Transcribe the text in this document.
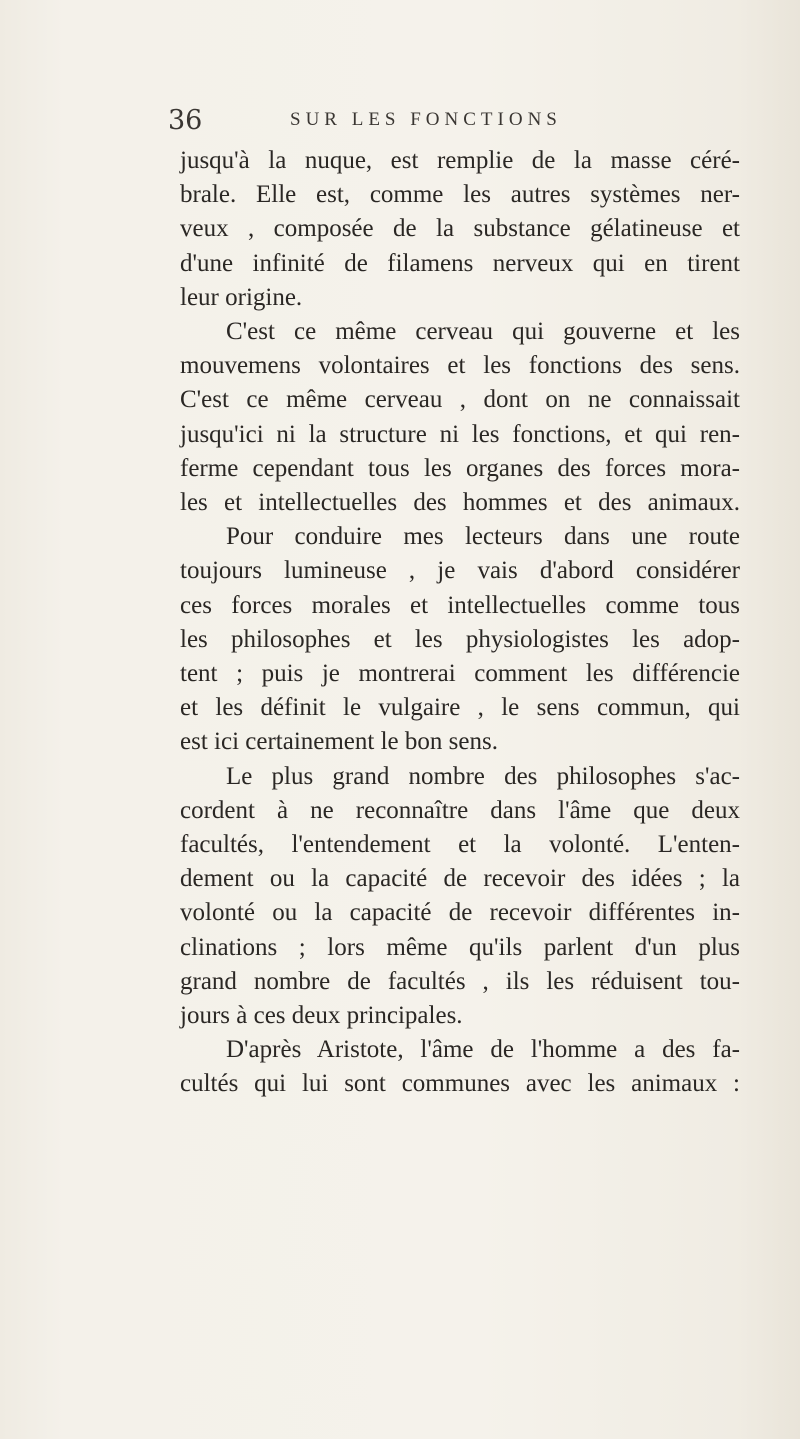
36	SUR LES FONCTIONS
jusqu'à la nuque, est remplie de la masse céré-
brale. Elle est, comme les autres systèmes ner-
veux , composée de la substance gélatineuse et
d'une infinité de filamens nerveux qui en tirent
leur origine.
C'est ce même cerveau qui gouverne et les
mouvemens volontaires et les fonctions des sens.
C'est ce même cerveau , dont on ne connaissait
jusqu'ici ni la structure ni les fonctions, et qui ren-
ferme cependant tous les organes des forces mora-
les et intellectuelles des hommes et des animaux.
Pour conduire mes lecteurs dans une route
toujours lumineuse , je vais d'abord considérer
ces forces morales et intellectuelles comme tous
les philosophes et les physiologistes les adop-
tent ; puis je montrerai comment les différencie
et les définit le vulgaire , le sens commun, qui
est ici certainement le bon sens.
Le plus grand nombre des philosophes s'ac-
cordent à ne reconnaître dans l'âme que deux
facultés, l'entendement et la volonté. L'enten-
dement ou la capacité de recevoir des idées ; la
volonté ou la capacité de recevoir différentes in-
clinations ; lors même qu'ils parlent d'un plus
grand nombre de facultés , ils les réduisent tou-
jours à ces deux principales.
D'après Aristote, l'âme de l'homme a des fa-
cultés qui lui sont communes avec les animaux :
